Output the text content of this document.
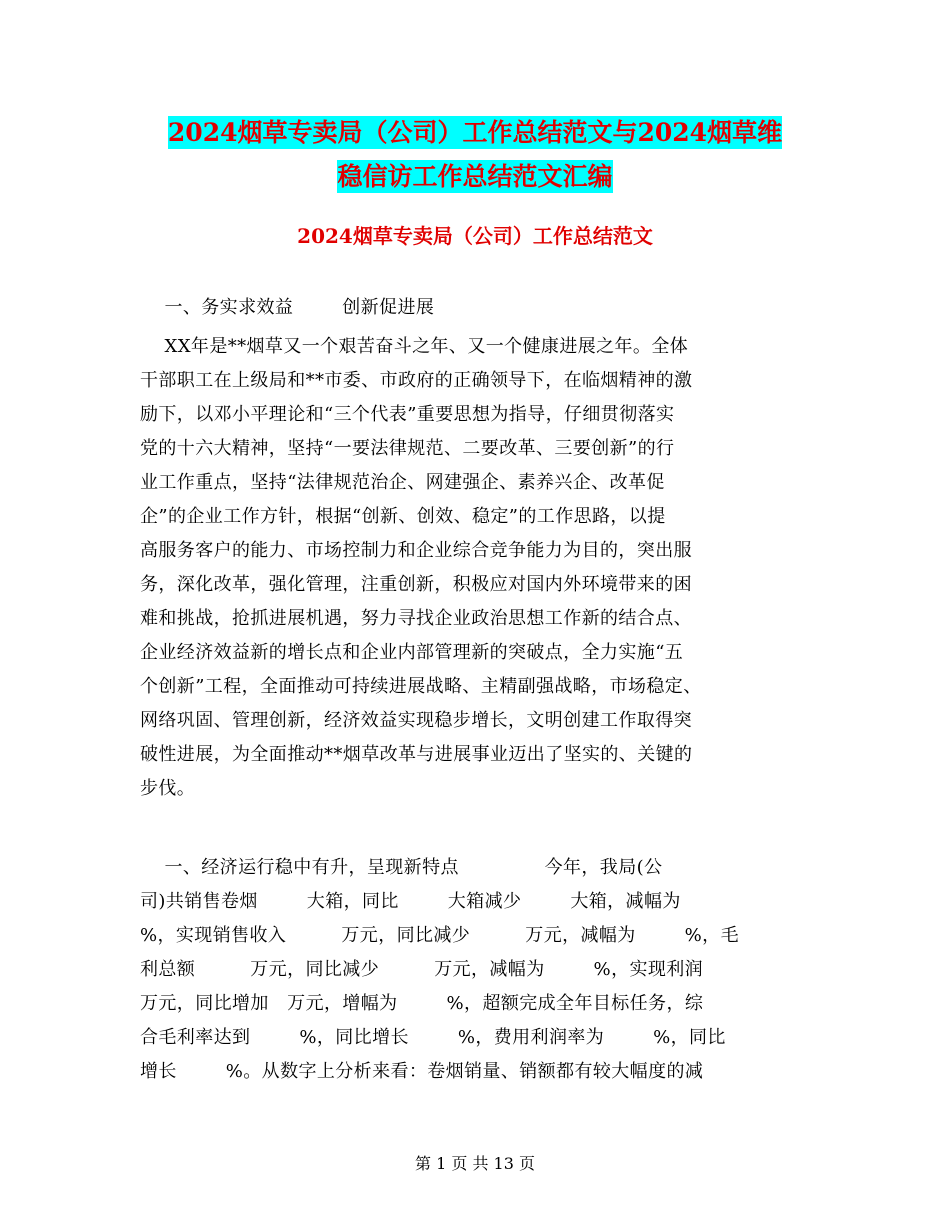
2024烟草专卖局（公司）工作总结范文与2024烟草维
稳信访工作总结范文汇编
2024烟草专卖局（公司）工作总结范文
一、务实求效益        创新促进展
XX年是**烟草又一个艰苦奋斗之年、又一个健康进展之年。全体
干部职工在上级局和**市委、市政府的正确领导下，在临烟精神的激
励下，以邓小平理论和“三个代表”重要思想为指导，仔细贯彻落实
党的十六大精神，坚持“一要法律规范、二要改革、三要创新”的行
业工作重点，坚持“法律规范治企、网建强企、素养兴企、改革促
企”的企业工作方针，根据“创新、创效、稳定”的工作思路，以提
高服务客户的能力、市场控制力和企业综合竞争能力为目的，突出服
务，深化改革，强化管理，注重创新，积极应对国内外环境带来的困
难和挑战，抢抓进展机遇，努力寻找企业政治思想工作新的结合点、
企业经济效益新的增长点和企业内部管理新的突破点，全力实施“五
个创新”工程，全面推动可持续进展战略、主精副强战略，市场稳定、
网络巩固、管理创新，经济效益实现稳步增长，文明创建工作取得突
破性进展，为全面推动**烟草改革与进展事业迈出了坚实的、关键的
步伐。
一、经济运行稳中有升，呈现新特点              今年，我局(公
司)共销售卷烟        大箱，同比        大箱减少        大箱，减幅为
%，实现销售收入         万元，同比减少         万元，减幅为        %，毛
利总额         万元，同比减少         万元，减幅为        %，实现利润
万元，同比增加   万元，增幅为        %，超额完成全年目标任务，综
合毛利率达到        %，同比增长        %，费用利润率为        %，同比
增长        %。从数字上分析来看：卷烟销量、销额都有较大幅度的减
第 1 页 共 13 页
